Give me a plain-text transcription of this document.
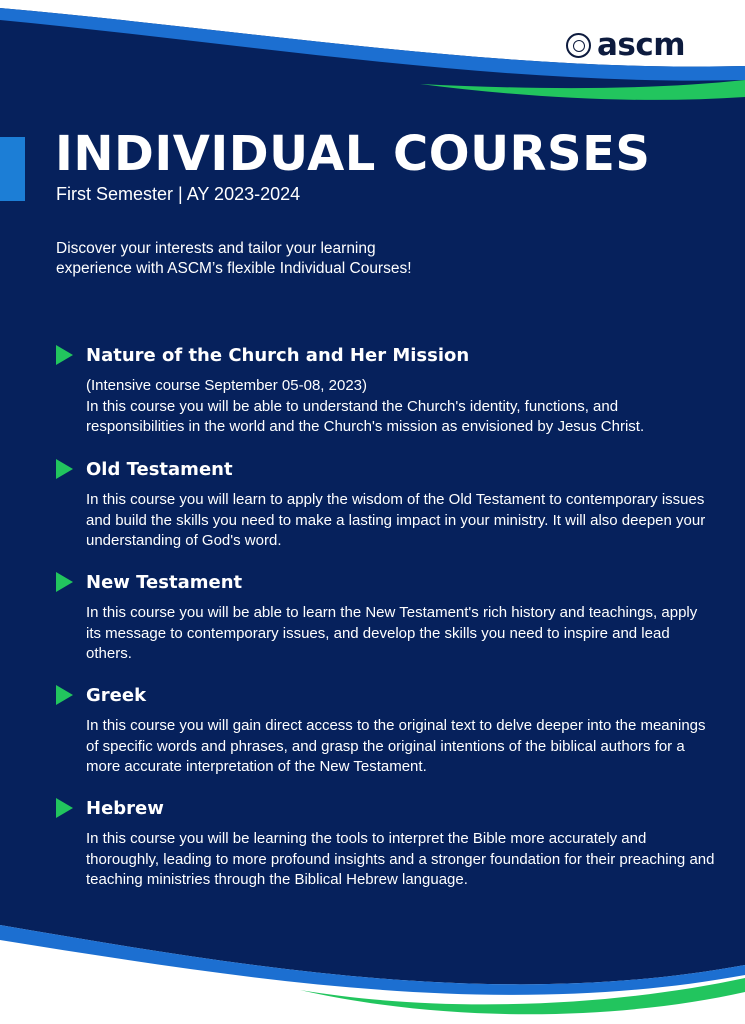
ascm
INDIVIDUAL COURSES
First Semester | AY 2023-2024
Discover your interests and tailor your learning
experience with ASCM’s flexible Individual Courses!
Nature of the Church and Her Mission
(Intensive course September 05-08, 2023)
In this course you will be able to understand the Church's identity, functions, and responsibilities in the world and the Church's mission as envisioned by Jesus Christ.
Old Testament
In this course you will learn to apply the wisdom of the Old Testament to contemporary issues and build the skills you need to make a lasting impact in your ministry. It will also deepen your understanding of God's word.
New Testament
In this course you will be able to learn the New Testament's rich history and teachings, apply its message to contemporary issues, and develop the skills you need to inspire and lead others.
Greek
In this course you will gain direct access to the original text to delve deeper into the meanings of specific words and phrases, and grasp the original intentions of the biblical authors for a more accurate interpretation of the New Testament.
Hebrew
In this course you will be learning the tools to interpret the Bible more accurately and thoroughly, leading to more profound insights and a stronger foundation for their preaching and teaching ministries through the Biblical Hebrew language.
